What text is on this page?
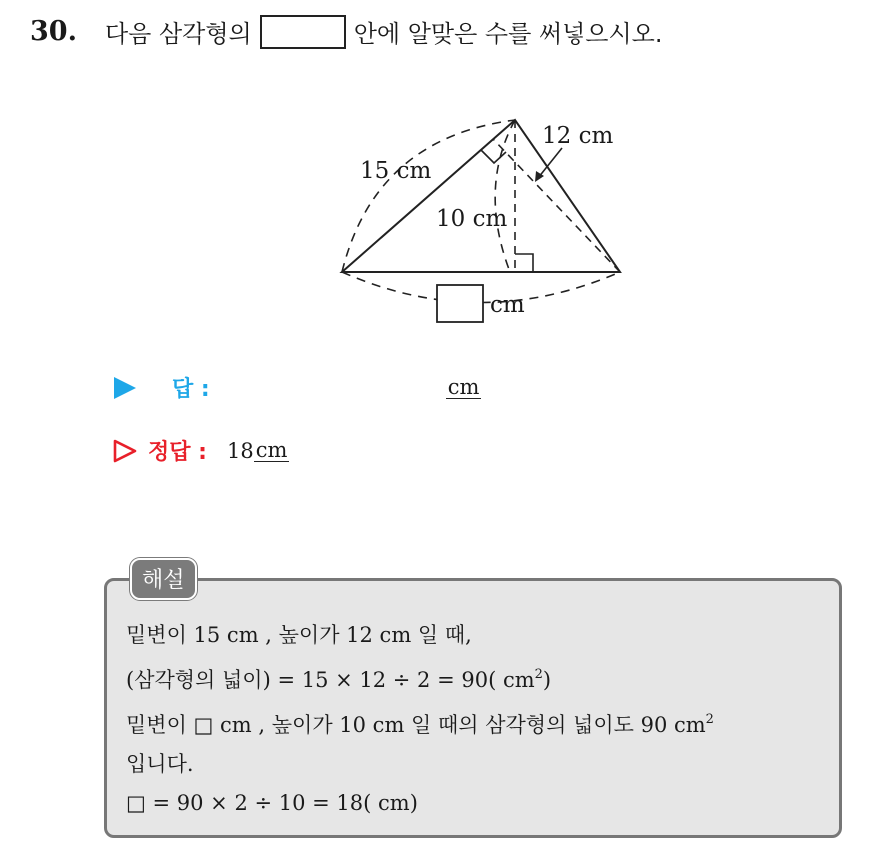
30. 다음 삼각형의	안에 알맞은 수를 써넣으시오.
15 cm
12 cm
10 cm
cm
답 :	cm
정답 : 18 cm
해설
밑변이 15 cm , 높이가 12 cm 일 때,
(삼각형의 넓이) = 15 × 12 ÷ 2 = 90( $cm^2$)
밑변이 □ cm , 높이가 10 cm 일 때의 삼각형의 넓이도 90 $cm^2$
입니다.
□ = 90 × 2 ÷ 10 = 18( cm)
